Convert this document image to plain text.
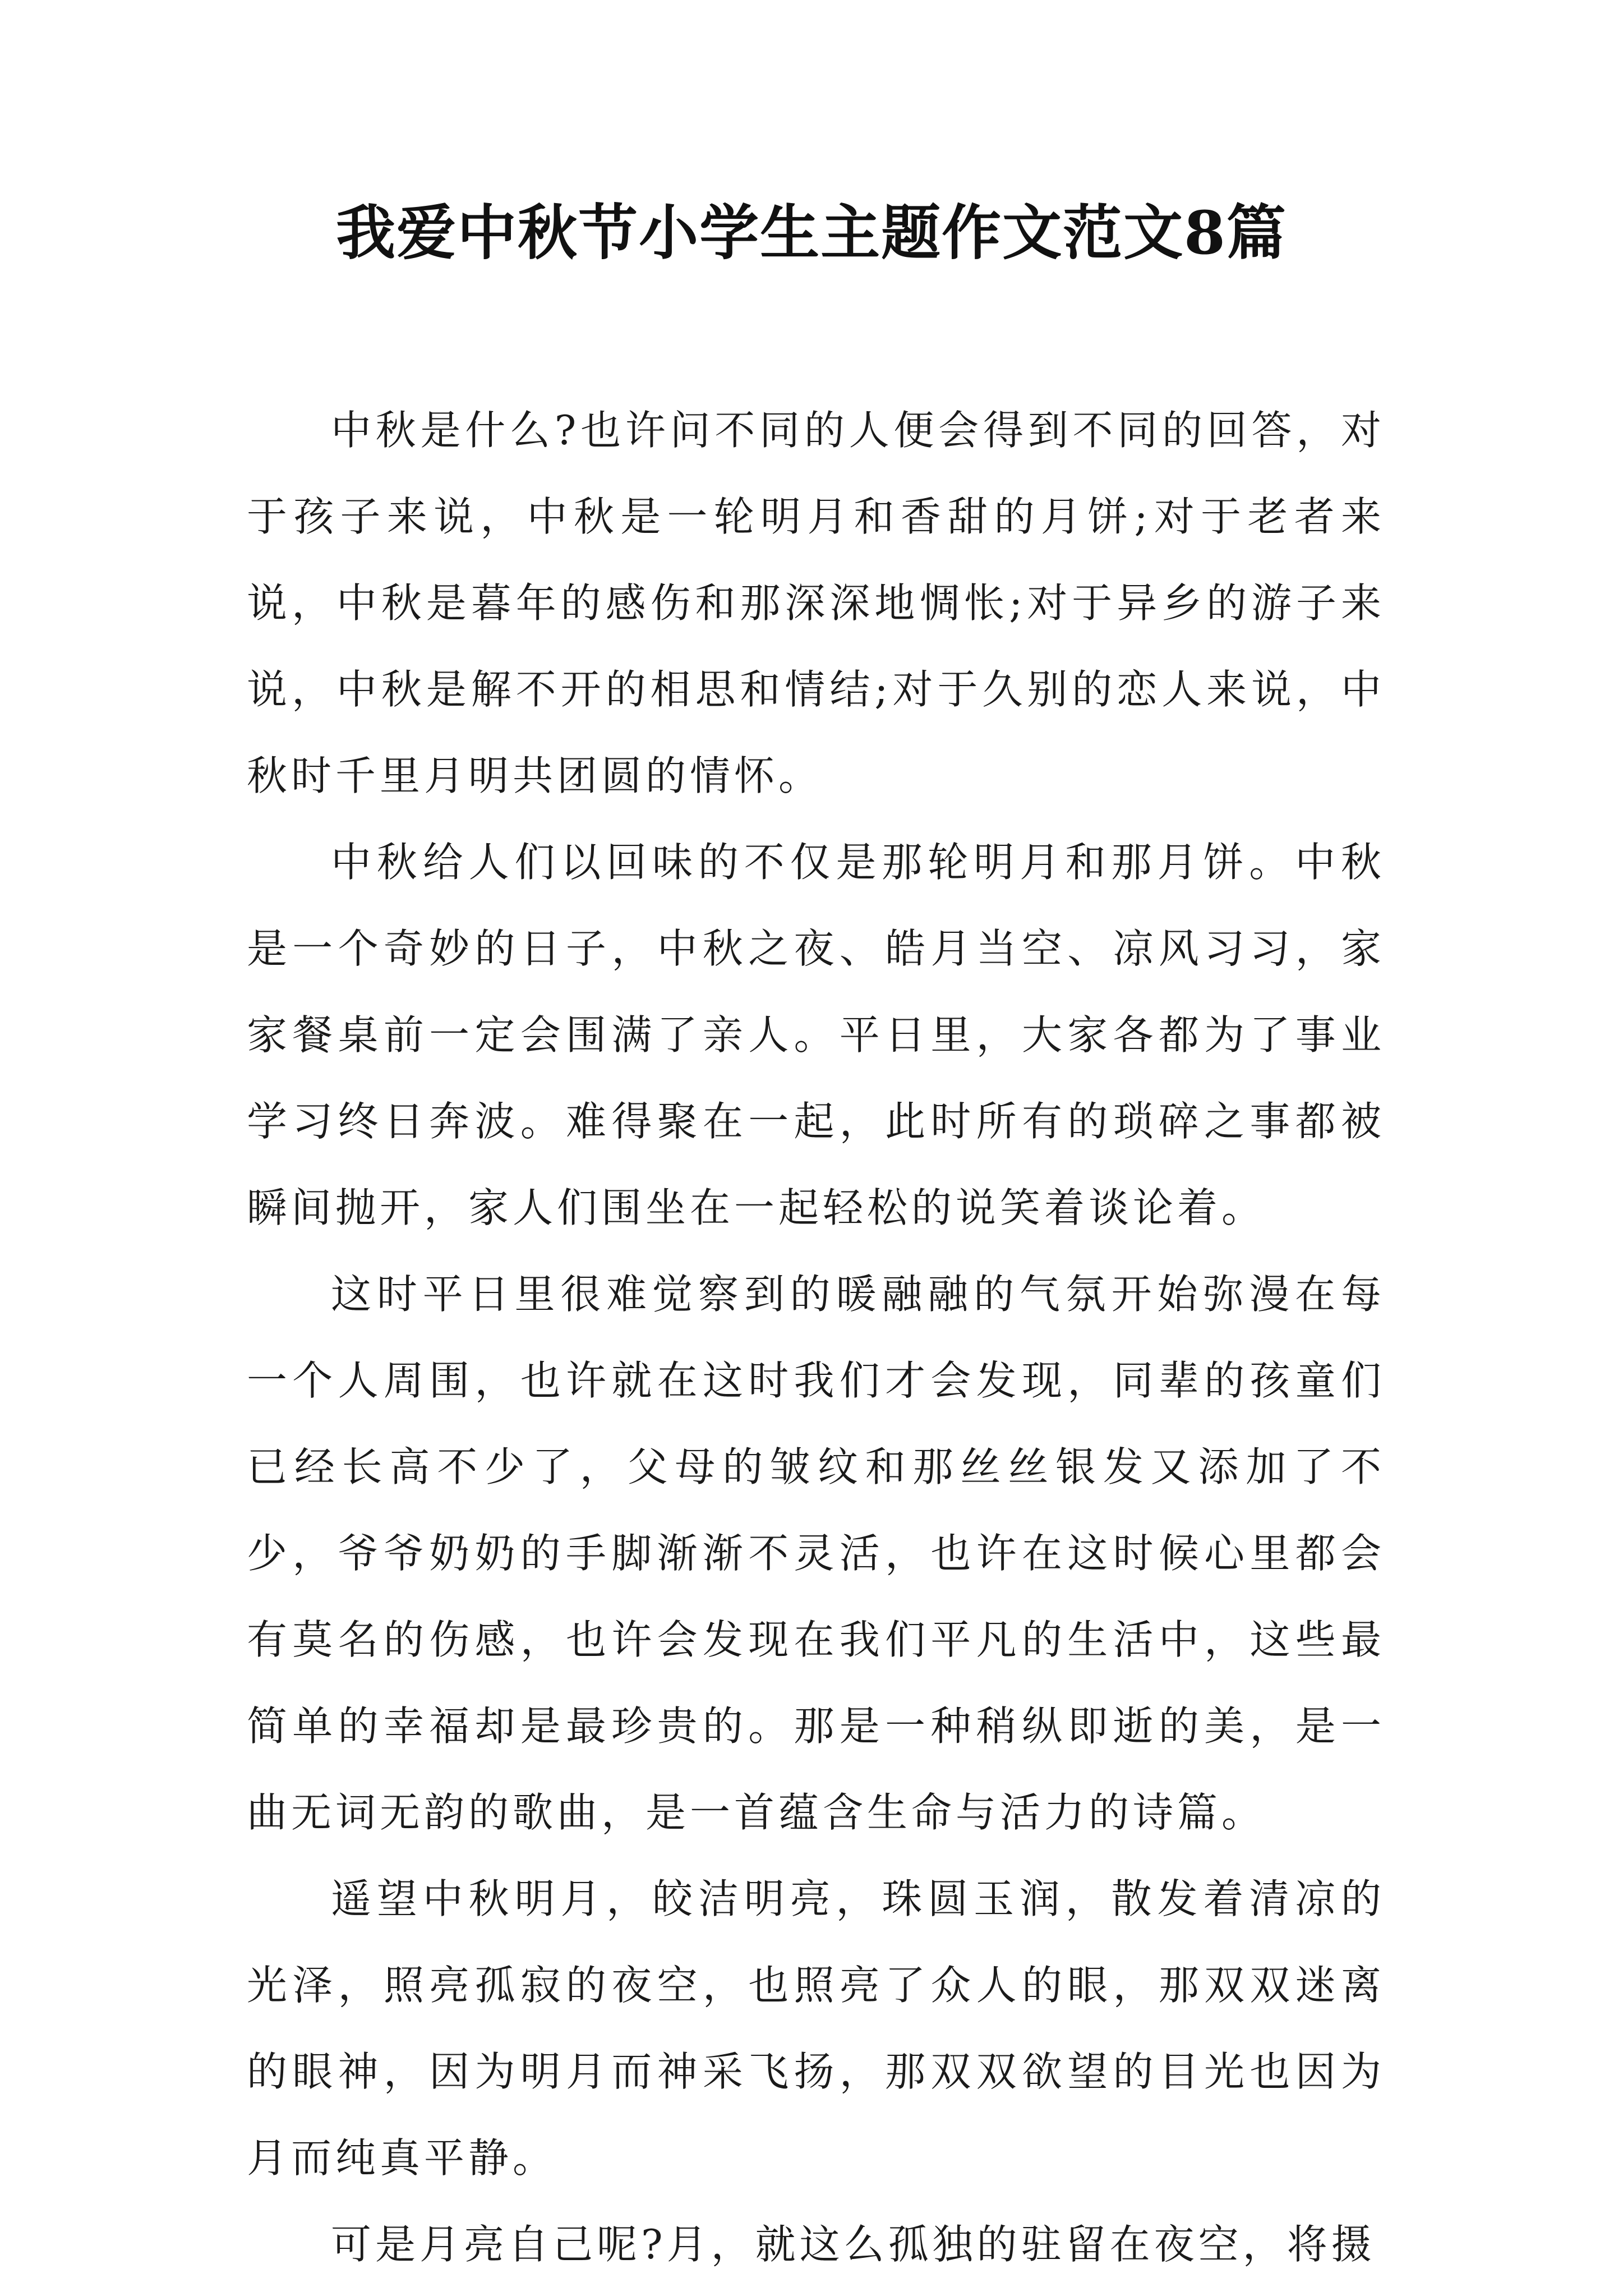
我爱中秋节小学生主题作文范文8篇

中秋是什么?也许问不同的人便会得到不同的回答，对于孩子来说，中秋是一轮明月和香甜的月饼;对于老者来说，中秋是暮年的感伤和那深深地惆怅;对于异乡的游子来说，中秋是解不开的相思和情结;对于久别的恋人来说，中秋时千里月明共团圆的情怀。

中秋给人们以回味的不仅是那轮明月和那月饼。中秋是一个奇妙的日子，中秋之夜、皓月当空、凉风习习，家家餐桌前一定会围满了亲人。平日里，大家各都为了事业学习终日奔波。难得聚在一起，此时所有的琐碎之事都被瞬间抛开，家人们围坐在一起轻松的说笑着谈论着。

这时平日里很难觉察到的暖融融的气氛开始弥漫在每一个人周围，也许就在这时我们才会发现，同辈的孩童们已经长高不少了，父母的皱纹和那丝丝银发又添加了不少，爷爷奶奶的手脚渐渐不灵活，也许在这时候心里都会有莫名的伤感，也许会发现在我们平凡的生活中，这些最简单的幸福却是最珍贵的。那是一种稍纵即逝的美，是一曲无词无韵的歌曲，是一首蕴含生命与活力的诗篇。

遥望中秋明月，皎洁明亮，珠圆玉润，散发着清凉的光泽，照亮孤寂的夜空，也照亮了众人的眼，那双双迷离的眼神，因为明月而神采飞扬，那双双欲望的目光也因为月而纯真平静。

可是月亮自己呢?月，就这么孤独的驻留在夜空，将摄
